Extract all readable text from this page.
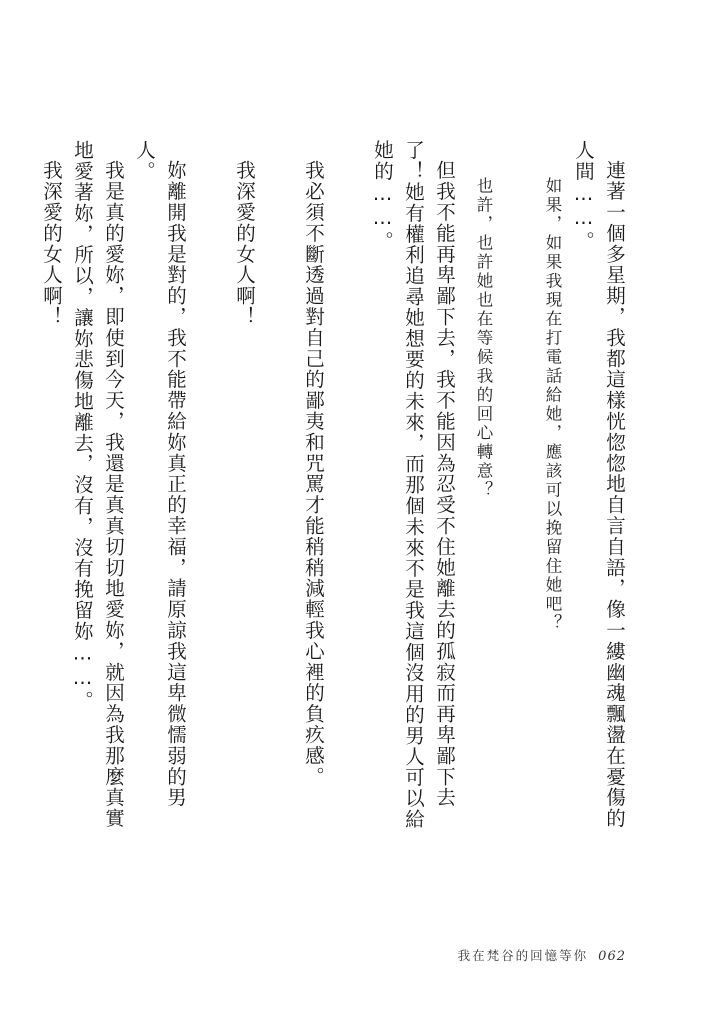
連著一個多星期，我都這樣恍惚惚地自言自語，像一縷幽魂飄盪在憂傷的人間……。

如果，如果我現在打電話給她，應該可以挽留住她吧？

也許，也許她也在等候我的回心轉意？

但我不能再卑鄙下去，我不能因為忍受不住她離去的孤寂而再卑鄙下去了！她有權利追尋她想要的未來，而那個未來不是我這個沒用的男人可以給她的……。

我必須不斷透過對自己的鄙夷和咒罵才能稍稍減輕我心裡的負疚感。

我深愛的女人啊！

妳離開我是對的，我不能帶給妳真正的幸福，請原諒我這卑微懦弱的男人。

我是真的愛妳，即使到今天，我還是真真切切地愛妳，就因為我那麼真實地愛著妳，所以，讓妳悲傷地離去，沒有，沒有挽留妳……。

我深愛的女人啊！

我在梵谷的回憶等你 062
